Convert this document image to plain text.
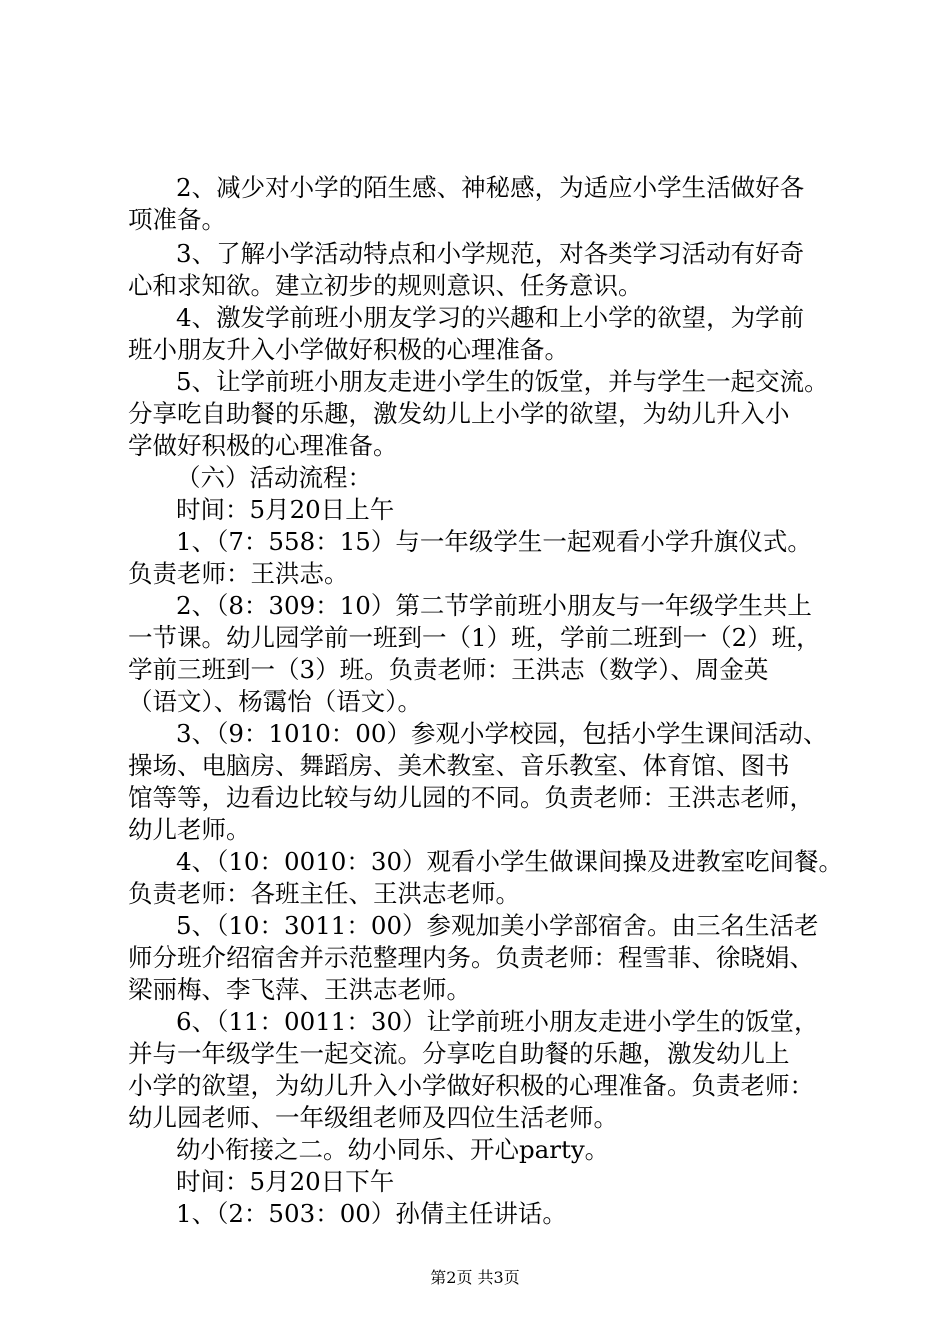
2、减少对小学的陌生感、神秘感，为适应小学生活做好各
项准备。
3、了解小学活动特点和小学规范，对各类学习活动有好奇
心和求知欲。建立初步的规则意识、任务意识。
4、激发学前班小朋友学习的兴趣和上小学的欲望，为学前
班小朋友升入小学做好积极的心理准备。
5、让学前班小朋友走进小学生的饭堂，并与学生一起交流。
分享吃自助餐的乐趣，激发幼儿上小学的欲望，为幼儿升入小
学做好积极的心理准备。
（六）活动流程：
时间：5月20日上午
1、（7：558：15）与一年级学生一起观看小学升旗仪式。
负责老师：王洪志。
2、（8：309：10）第二节学前班小朋友与一年级学生共上
一节课。幼儿园学前一班到一（1）班，学前二班到一（2）班，
学前三班到一（3）班。负责老师：王洪志（数学）、周金英
（语文）、杨霭怡（语文）。
3、（9：1010：00）参观小学校园，包括小学生课间活动、
操场、电脑房、舞蹈房、美术教室、音乐教室、体育馆、图书
馆等等，边看边比较与幼儿园的不同。负责老师：王洪志老师，
幼儿老师。
4、（10：0010：30）观看小学生做课间操及进教室吃间餐。
负责老师：各班主任、王洪志老师。
5、（10：3011：00）参观加美小学部宿舍。由三名生活老
师分班介绍宿舍并示范整理内务。负责老师：程雪菲、徐晓娟、
梁丽梅、李飞萍、王洪志老师。
6、（11：0011：30）让学前班小朋友走进小学生的饭堂，
并与一年级学生一起交流。分享吃自助餐的乐趣，激发幼儿上
小学的欲望，为幼儿升入小学做好积极的心理准备。负责老师：
幼儿园老师、一年级组老师及四位生活老师。
幼小衔接之二。幼小同乐、开心party。
时间：5月20日下午
1、（2：503：00）孙倩主任讲话。
第2页 共3页
